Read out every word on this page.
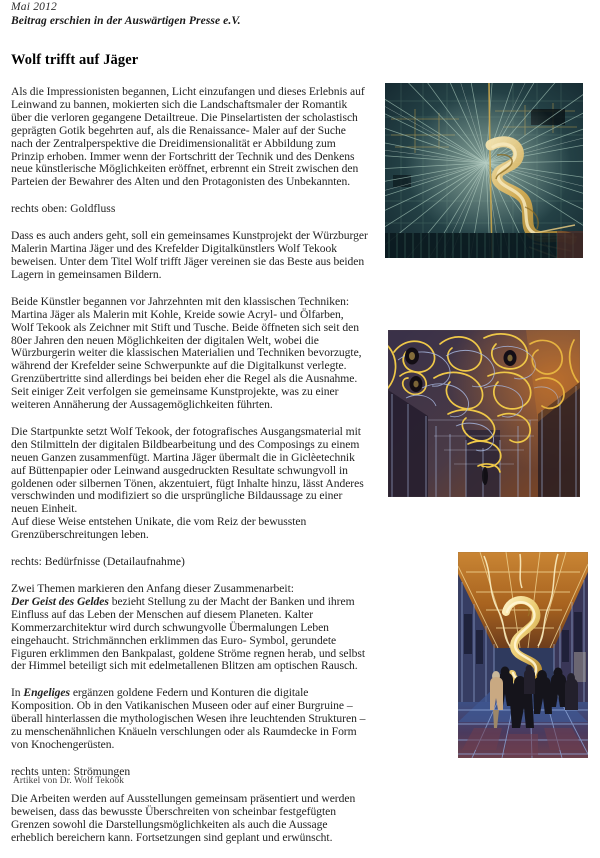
Mai 2012
Beitrag erschien in der Auswärtigen Presse e.V.
Wolf trifft auf Jäger

Als die Impressionisten begannen, Licht einzufangen und dieses Erlebnis auf Leinwand zu bannen, mokierten sich die Landschaftsmaler der Romantik über die verloren gegangene Detailtreue. Die Pinselartisten der scholastisch geprägten Gotik begehrten auf, als die Renaissance- Maler auf der Suche nach der Zentralperspektive die Dreidimensionalität er Abbildung zum Prinzip erhoben. Immer wenn der Fortschritt der Technik und des Denkens neue künstlerische Möglichkeiten eröffnet, erbrennt ein Streit zwischen den Parteien der Bewahrer des Alten und den Protagonisten des Unbekannten.

rechts oben: Goldfluss

Dass es auch anders geht, soll ein gemeinsames Kunstprojekt der Würzburger Malerin Martina Jäger und des Krefelder Digitalkünstlers Wolf Tekook beweisen. Unter dem Titel Wolf trifft Jäger vereinen sie das Beste aus beiden Lagern in gemeinsamen Bildern.

Beide Künstler begannen vor Jahrzehnten mit den klassischen Techniken: Martina Jäger als Malerin mit Kohle, Kreide sowie Acryl- und Ölfarben, Wolf Tekook als Zeichner mit Stift und Tusche. Beide öffneten sich seit den 80er Jahren den neuen Möglichkeiten der digitalen Welt, wobei die Würzburgerin weiter die klassischen Materialien und Techniken bevorzugte, während der Krefelder seine Schwerpunkte auf die Digitalkunst verlegte. Grenzübertritte sind allerdings bei beiden eher die Regel als die Ausnahme. Seit einiger Zeit verfolgen sie gemeinsame Kunstprojekte, was zu einer weiteren Annäherung der Aussagemöglichkeiten führten.

Die Startpunkte setzt Wolf Tekook, der fotografisches Ausgangsmaterial mit den Stilmitteln der digitalen Bildbearbeitung und des Composings zu einem neuen Ganzen zusammenfügt. Martina Jäger übermalt die in Giclèetechnik auf Büttenpapier oder Leinwand ausgedruckten Resultate schwungvoll in goldenen oder silbernen Tönen, akzentuiert, fügt Inhalte hinzu, lässt Anderes verschwinden und modifiziert so die ursprüngliche Bildaussage zu einer neuen Einheit.

Auf diese Weise entstehen Unikate, die vom Reiz der bewussten Grenzüberschreitungen leben.

rechts: Bedürfnisse (Detailaufnahme)

Zwei Themen markieren den Anfang dieser Zusammenarbeit:

Der Geist des Geldes bezieht Stellung zu der Macht der Banken und ihrem Einfluss auf das Leben der Menschen auf diesem Planeten. Kalter Kommerzarchitektur wird durch schwungvolle Übermalungen Leben eingehaucht. Strichmännchen erklimmen das Euro- Symbol, gerundete Figuren erklimmen den Bankpalast, goldene Ströme regnen herab, und selbst der Himmel beteiligt sich mit edelmetallenen Blitzen am optischen Rausch.

In Engeliges ergänzen goldene Federn und Konturen die digitale Komposition. Ob in den Vatikanischen Museen oder auf einer Burgruine – überall hinterlassen die mythologischen Wesen ihre leuchtenden Strukturen – zu menschenähnlichen Knäueln verschlungen oder als Raumdecke in Form von Knochengerüsten.

rechts unten: Strömungen

Die Arbeiten werden auf Ausstellungen gemeinsam präsentiert und werden beweisen, dass das bewusste Überschreiten von scheinbar festgefügten Grenzen sowohl die Darstellungsmöglichkeiten als auch die Aussage erheblich bereichern kann. Fortsetzungen sind geplant und erwünscht.

Artikel von Dr. Wolf Tekook
